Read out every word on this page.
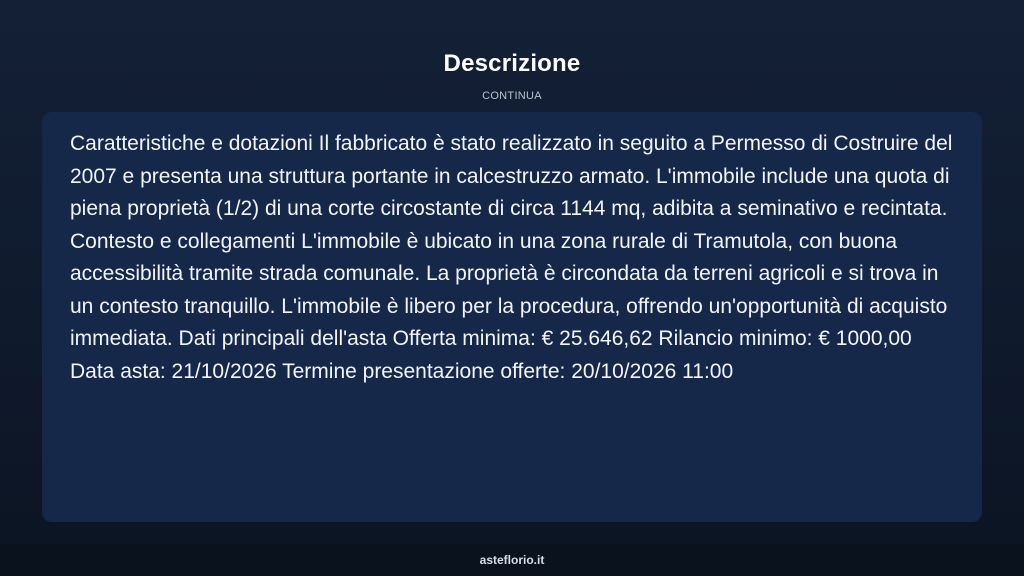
Descrizione
CONTINUA

Caratteristiche e dotazioni Il fabbricato è stato realizzato in seguito a Permesso di Costruire del 2007 e presenta una struttura portante in calcestruzzo armato. L'immobile include una quota di piena proprietà (1/2) di una corte circostante di circa 1144 mq, adibita a seminativo e recintata. Contesto e collegamenti L'immobile è ubicato in una zona rurale di Tramutola, con buona accessibilità tramite strada comunale. La proprietà è circondata da terreni agricoli e si trova in un contesto tranquillo. L'immobile è libero per la procedura, offrendo un'opportunità di acquisto immediata. Dati principali dell'asta Offerta minima: € 25.646,62 Rilancio minimo: € 1000,00 Data asta: 21/10/2026 Termine presentazione offerte: 20/10/2026 11:00

asteflorio.it
